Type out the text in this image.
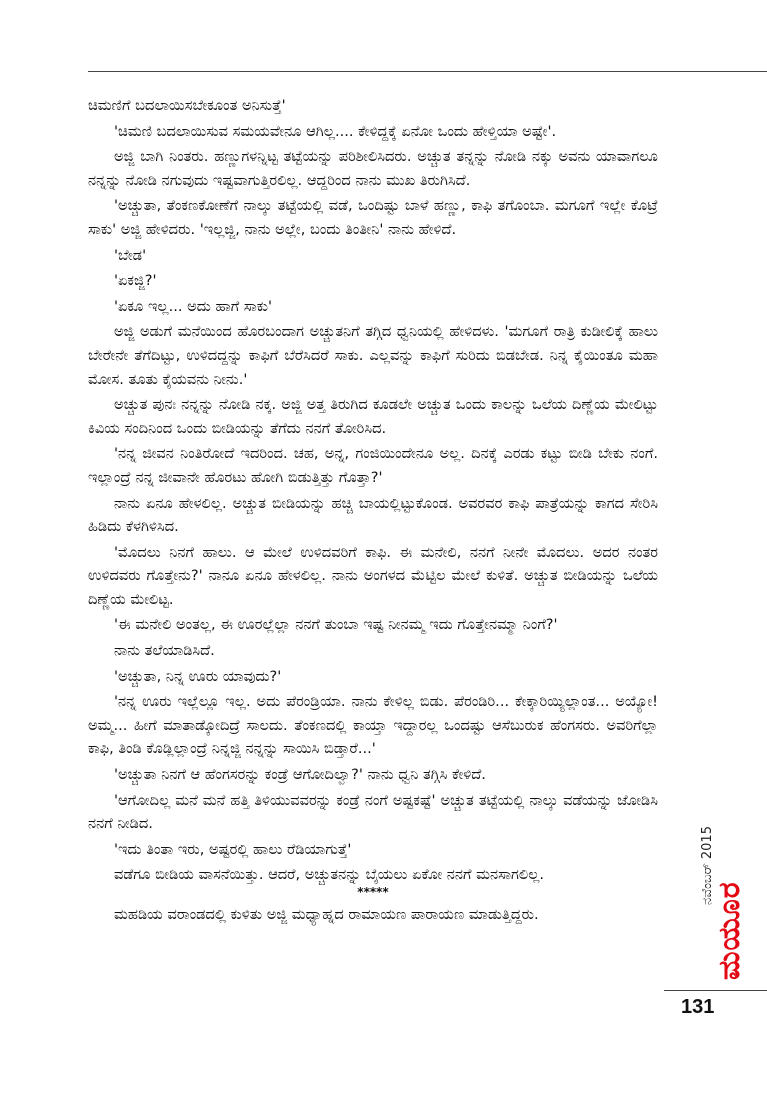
ಚಿಮಣಿಗೆ ಬದಲಾಯಿಸಬೇಕೂಂತ ಅನಿಸುತ್ತೆ'

'ಚಿಮಣಿ ಬದಲಾಯಿಸುವ ಸಮಯವೇನೂ ಆಗಿಲ್ಲ.... ಕೇಳಿದ್ದಕ್ಕೆ ಏನೋ ಒಂದು ಹೇಳ್ತಿಯಾ ಅಷ್ಟೇ'.

ಅಜ್ಜಿ ಬಾಗಿ ನಿಂತರು. ಹಣ್ಣುಗಳನ್ನಿಟ್ಟ ತಟ್ಟೆಯನ್ನು ಪರಿಶೀಲಿಸಿದರು. ಅಚ್ಚುತ ತನ್ನನ್ನು ನೋಡಿ ನಕ್ಕು ಅವನು ಯಾವಾಗಲೂ ನನ್ನನ್ನು ನೋಡಿ ನಗುವುದು ಇಷ್ಟವಾಗುತ್ತಿರಲಿಲ್ಲ. ಆದ್ದರಿಂದ ನಾನು ಮುಖ ತಿರುಗಿಸಿದೆ.

'ಅಚ್ಚುತಾ, ತೆಂಕಣಕೋಣೆಗೆ ನಾಲ್ಕು ತಟ್ಟೆಯಲ್ಲಿ ವಡೆ, ಒಂದಿಷ್ಟು ಬಾಳೆ ಹಣ್ಣು, ಕಾಫಿ ತಗೊಂಬಾ. ಮಗೂಗೆ ಇಲ್ಲೇ ಕೊಟ್ರೆ ಸಾಕು' ಅಜ್ಜಿ ಹೇಳಿದರು. 'ಇಲ್ಲಜ್ಜಿ, ನಾನು ಅಲ್ಲೇ, ಬಂದು ತಿಂತೀನಿ' ನಾನು ಹೇಳಿದೆ.

'ಬೇಡ'

'ಏಕಜ್ಜಿ?'

'ಏಕೂ ಇಲ್ಲ... ಅದು ಹಾಗೆ ಸಾಕು'

ಅಜ್ಜಿ ಅಡುಗೆ ಮನೆಯಿಂದ ಹೊರಬಂದಾಗ ಅಚ್ಚುತನಿಗೆ ತಗ್ಗಿದ ಧ್ವನಿಯಲ್ಲಿ ಹೇಳಿದಳು. 'ಮಗೂಗೆ ರಾತ್ರಿ ಕುಡೀಲಿಕ್ಕೆ ಹಾಲು ಬೇರೇನೇ ತೆಗೆದಿಟ್ಟು, ಉಳಿದದ್ದನ್ನು ಕಾಫಿಗೆ ಬೆರೆಸಿದರೆ ಸಾಕು. ಎಲ್ಲವನ್ನು ಕಾಫಿಗೆ ಸುರಿದು ಬಿಡಬೇಡ. ನಿನ್ನ ಕೈಯಿಂತೂ ಮಹಾ ಮೋಸ. ತೂತು ಕೈಯವನು ನೀನು.'

ಅಚ್ಚುತ ಪುನಃ ನನ್ನನ್ನು ನೋಡಿ ನಕ್ಕ. ಅಜ್ಜಿ ಅತ್ತ ತಿರುಗಿದ ಕೂಡಲೇ ಅಚ್ಚುತ ಒಂದು ಕಾಲನ್ನು ಒಲೆಯ ದಿಣ್ಣೆಯ ಮೇಲಿಟ್ಟು ಕಿವಿಯ ಸಂದಿನಿಂದ ಒಂದು ಬೀಡಿಯನ್ನು ತೆಗೆದು ನನಗೆ ತೋರಿಸಿದ.

'ನನ್ನ ಜೀವನ ನಿಂತಿರೋದೆ ಇದರಿಂದ. ಚಹ, ಅನ್ನ, ಗಂಜಿಯಿಂದೇನೂ ಅಲ್ಲ. ದಿನಕ್ಕೆ ಎರಡು ಕಟ್ಟು ಬೀಡಿ ಬೇಕು ನಂಗೆ. ಇಲ್ಲಾಂದ್ರೆ ನನ್ನ ಜೀವಾನೇ ಹೊರಟು ಹೋಗಿ ಬಿಡುತ್ತಿತ್ತು ಗೊತ್ತಾ?'

ನಾನು ಏನೂ ಹೇಳಲಿಲ್ಲ. ಅಚ್ಚುತ ಬೀಡಿಯನ್ನು ಹಚ್ಚಿ ಬಾಯಲ್ಲಿಟ್ಟುಕೊಂಡ. ಅವರವರ ಕಾಫಿ ಪಾತ್ರೆಯನ್ನು ಕಾಗದ ಸೇರಿಸಿ ಹಿಡಿದು ಕೆಳಗಿಳಿಸಿದ.

'ಮೊದಲು ನಿನಗೆ ಹಾಲು. ಆ ಮೇಲೆ ಉಳಿದವರಿಗೆ ಕಾಫಿ. ಈ ಮನೇಲಿ, ನನಗೆ ನೀನೇ ಮೊದಲು. ಅದರ ನಂತರ ಉಳಿದವರು ಗೊತ್ತೇನು?' ನಾನೂ ಏನೂ ಹೇಳಲಿಲ್ಲ. ನಾನು ಅಂಗಳದ ಮೆಟ್ಟಿಲ ಮೇಲೆ ಕುಳಿತೆ. ಅಚ್ಚುತ ಬೀಡಿಯನ್ನು ಒಲೆಯ ದಿಣ್ಣೆಯ ಮೇಲಿಟ್ಟ.

'ಈ ಮನೇಲಿ ಅಂತಲ್ಲ, ಈ ಊರಲ್ಲೆಲ್ಲಾ ನನಗೆ ತುಂಬಾ ಇಷ್ಟ ನೀನಮ್ಮ ಇದು ಗೊತ್ತೇನಮ್ಮಾ ನಿಂಗೆ?'

ನಾನು ತಲೆಯಾಡಿಸಿದೆ.

'ಅಚ್ಚುತಾ, ನಿನ್ನ ಊರು ಯಾವುದು?'

'ನನ್ನ ಊರು ಇಲ್ಲೆಲ್ಲೂ ಇಲ್ಲ. ಅದು ಪೆರಂಡ್ರಿಯಾ. ನಾನು ಕೇಳಿಲ್ಲ ಬಿಡು. ಪೆರಂಡಿರಿ... ಕೇಕ್ಕಾರಿಯ್ಯಿಲ್ಲಾಂತ... ಅಯ್ಯೋ! ಅಮ್ಮ... ಹೀಗೆ ಮಾತಾಡ್ಕೋದಿದ್ರೆ ಸಾಲದು. ತೆಂಕಣದಲ್ಲಿ ಕಾಯ್ತಾ ಇದ್ದಾರಲ್ಲ ಒಂದಷ್ಟು ಆಸೆಬುರುಕ ಹೆಂಗಸರು. ಅವರಿಗೆಲ್ಲಾ ಕಾಫಿ, ತಿಂಡಿ ಕೊಡ್ಲಿಲ್ಲಾಂದ್ರೆ ನಿನ್ನಜ್ಜಿ ನನ್ನನ್ನು ಸಾಯಿಸಿ ಬಿಡ್ತಾರೆ...'

'ಅಚ್ಚುತಾ ನಿನಗೆ ಆ ಹೆಂಗಸರನ್ನು ಕಂಡ್ರೆ ಆಗೋದಿಲ್ವಾ?' ನಾನು ಧ್ವನಿ ತಗ್ಗಿಸಿ ಕೇಳಿದೆ.

'ಆಗೋದಿಲ್ಲ ಮನೆ ಮನೆ ಹತ್ತಿ ತಿಳಿಯುವವರನ್ನು ಕಂಡ್ರೆ ನಂಗೆ ಅಷ್ಟಕಷ್ಟೆ' ಅಚ್ಚುತ ತಟ್ಟೆಯಲ್ಲಿ ನಾಲ್ಕು ವಡೆಯನ್ನು ಜೋಡಿಸಿ ನನಗೆ ನೀಡಿದ.

'ಇದು ತಿಂತಾ ಇರು, ಅಷ್ಟರಲ್ಲಿ ಹಾಲು ರೆಡಿಯಾಗುತ್ತೆ'

ವಡೆಗೂ ಬೀಡಿಯ ವಾಸನೆಯಿತ್ತು. ಆದರೆ, ಅಚ್ಚುತನನ್ನು ಬೈಯಲು ಏಕೋ ನನಗೆ ಮನಸಾಗಲಿಲ್ಲ.

*****

ಮಹಡಿಯ ವರಾಂಡದಲ್ಲಿ ಕುಳಿತು ಅಜ್ಜಿ ಮಧ್ಯಾಹ್ನದ ರಾಮಾಯಣ ಪಾರಾಯಣ ಮಾಡುತ್ತಿದ್ದರು.

131
ನವೆಂಬರ್ 2015
ಮಯೂರ
